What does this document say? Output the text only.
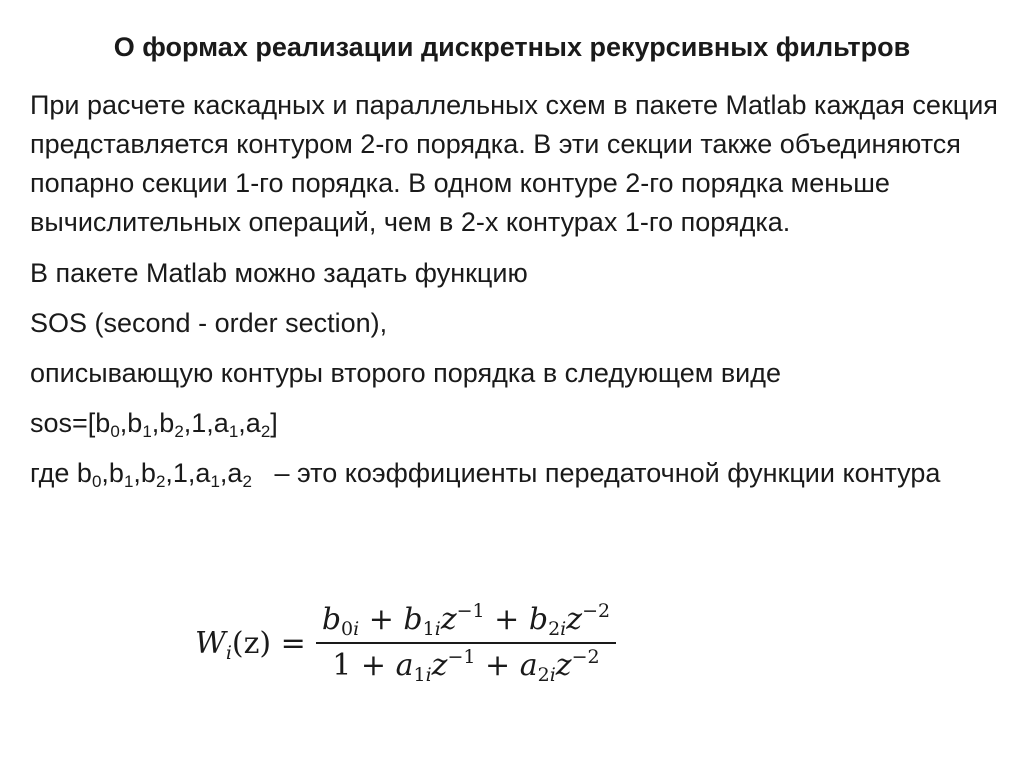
О формах реализации дискретных рекурсивных фильтров

При расчете каскадных и параллельных схем в пакете Matlab каждая секция представляется контуром 2-го порядка. В эти секции также объединяются попарно секции 1-го порядка. В одном контуре 2-го порядка меньше вычислительных операций, чем в 2-х контурах 1-го порядка.

В пакете Matlab можно задать функцию

SOS (second - order section),

описывающую контуры второго порядка в следующем виде

$sos=[b_0,b_1,b_2,1,a_1,a_2]$

где $b_0,b_1,b_2,1,a_1,a_2$ – это коэффициенты передаточной функции контура

$W_i(z) = \frac{b_{0i} + b_{1i}z^{-1} + b_{2i}z^{-2}}{1 + a_{1i}z^{-1} + a_{2i}z^{-2}}$
